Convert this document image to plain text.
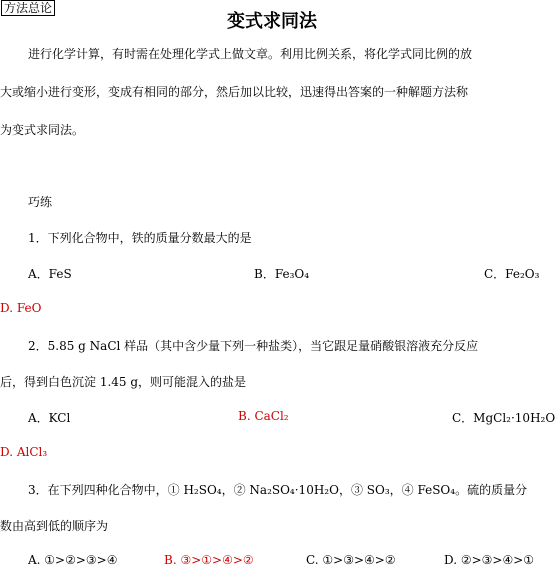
方法总论
变式求同法
进行化学计算，有时需在处理化学式上做文章。利用比例关系，将化学式同比例的放
大或缩小进行变形，变成有相同的部分，然后加以比较，迅速得出答案的一种解题方法称
为变式求同法。
巧练
1．下列化合物中，铁的质量分数最大的是
A．FeS	B．Fe₃O₄	C．Fe₂O₃
D. FeO
2．5.85 g NaCl 样品（其中含少量下列一种盐类），当它跟足量硝酸银溶液充分反应
后，得到白色沉淀 1.45 g，则可能混入的盐是
A．KCl	B. CaCl₂	C．MgCl₂·10H₂O
D. AlCl₃
3．在下列四种化合物中，① H₂SO₄，② Na₂SO₄·10H₂O，③ SO₃，④ FeSO₄。硫的质量分
数由高到低的顺序为
A. ①>②>③>④	B. ③>①>④>②	C. ①>③>④>②	D. ②>③>④>①
